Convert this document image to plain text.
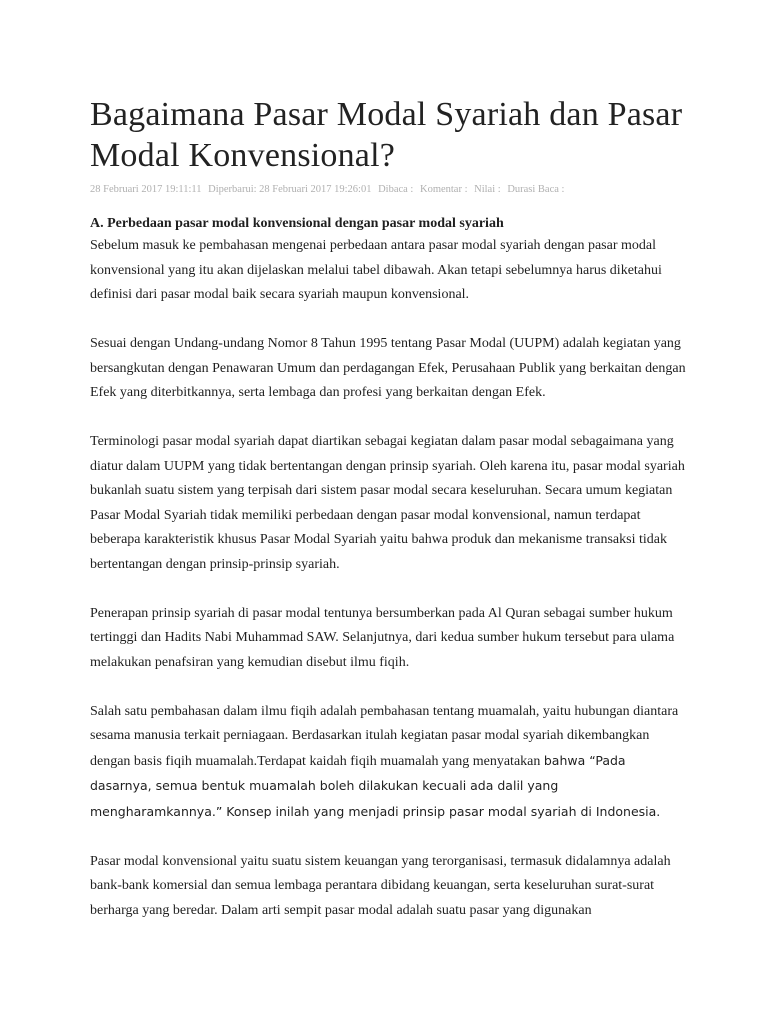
Bagaimana Pasar Modal Syariah dan Pasar Modal Konvensional?
28 Februari 2017 19:11:11 Diperbarui: 28 Februari 2017 19:26:01 Dibaca : Komentar : Nilai : Durasi Baca :

A. Perbedaan pasar modal konvensional dengan pasar modal syariah

Sebelum masuk ke pembahasan mengenai perbedaan antara pasar modal syariah dengan pasar modal konvensional yang itu akan dijelaskan melalui tabel dibawah. Akan tetapi sebelumnya harus diketahui definisi dari pasar modal baik secara syariah maupun konvensional.

Sesuai dengan Undang-undang Nomor 8 Tahun 1995 tentang Pasar Modal (UUPM) adalah kegiatan yang bersangkutan dengan Penawaran Umum dan perdagangan Efek, Perusahaan Publik yang berkaitan dengan Efek yang diterbitkannya, serta lembaga dan profesi yang berkaitan dengan Efek.

Terminologi pasar modal syariah dapat diartikan sebagai kegiatan dalam pasar modal sebagaimana yang diatur dalam UUPM yang tidak bertentangan dengan prinsip syariah. Oleh karena itu, pasar modal syariah bukanlah suatu sistem yang terpisah dari sistem pasar modal secara keseluruhan. Secara umum kegiatan Pasar Modal Syariah tidak memiliki perbedaan dengan pasar modal konvensional, namun terdapat beberapa karakteristik khusus Pasar Modal Syariah yaitu bahwa produk dan mekanisme transaksi tidak bertentangan dengan prinsip-prinsip syariah.

Penerapan prinsip syariah di pasar modal tentunya bersumberkan pada Al Quran sebagai sumber hukum tertinggi dan Hadits Nabi Muhammad SAW. Selanjutnya, dari kedua sumber hukum tersebut para ulama melakukan penafsiran yang kemudian disebut ilmu fiqih.

Salah satu pembahasan dalam ilmu fiqih adalah pembahasan tentang muamalah, yaitu hubungan diantara sesama manusia terkait perniagaan. Berdasarkan itulah kegiatan pasar modal syariah dikembangkan dengan basis fiqih muamalah.Terdapat kaidah fiqih muamalah yang menyatakan bahwa “Pada dasarnya, semua bentuk muamalah boleh dilakukan kecuali ada dalil yang mengharamkannya.” Konsep inilah yang menjadi prinsip pasar modal syariah di Indonesia.

Pasar modal konvensional yaitu suatu sistem keuangan yang terorganisasi, termasuk didalamnya adalah bank-bank komersial dan semua lembaga perantara dibidang keuangan, serta keseluruhan surat-surat berharga yang beredar. Dalam arti sempit pasar modal adalah suatu pasar yang digunakan
